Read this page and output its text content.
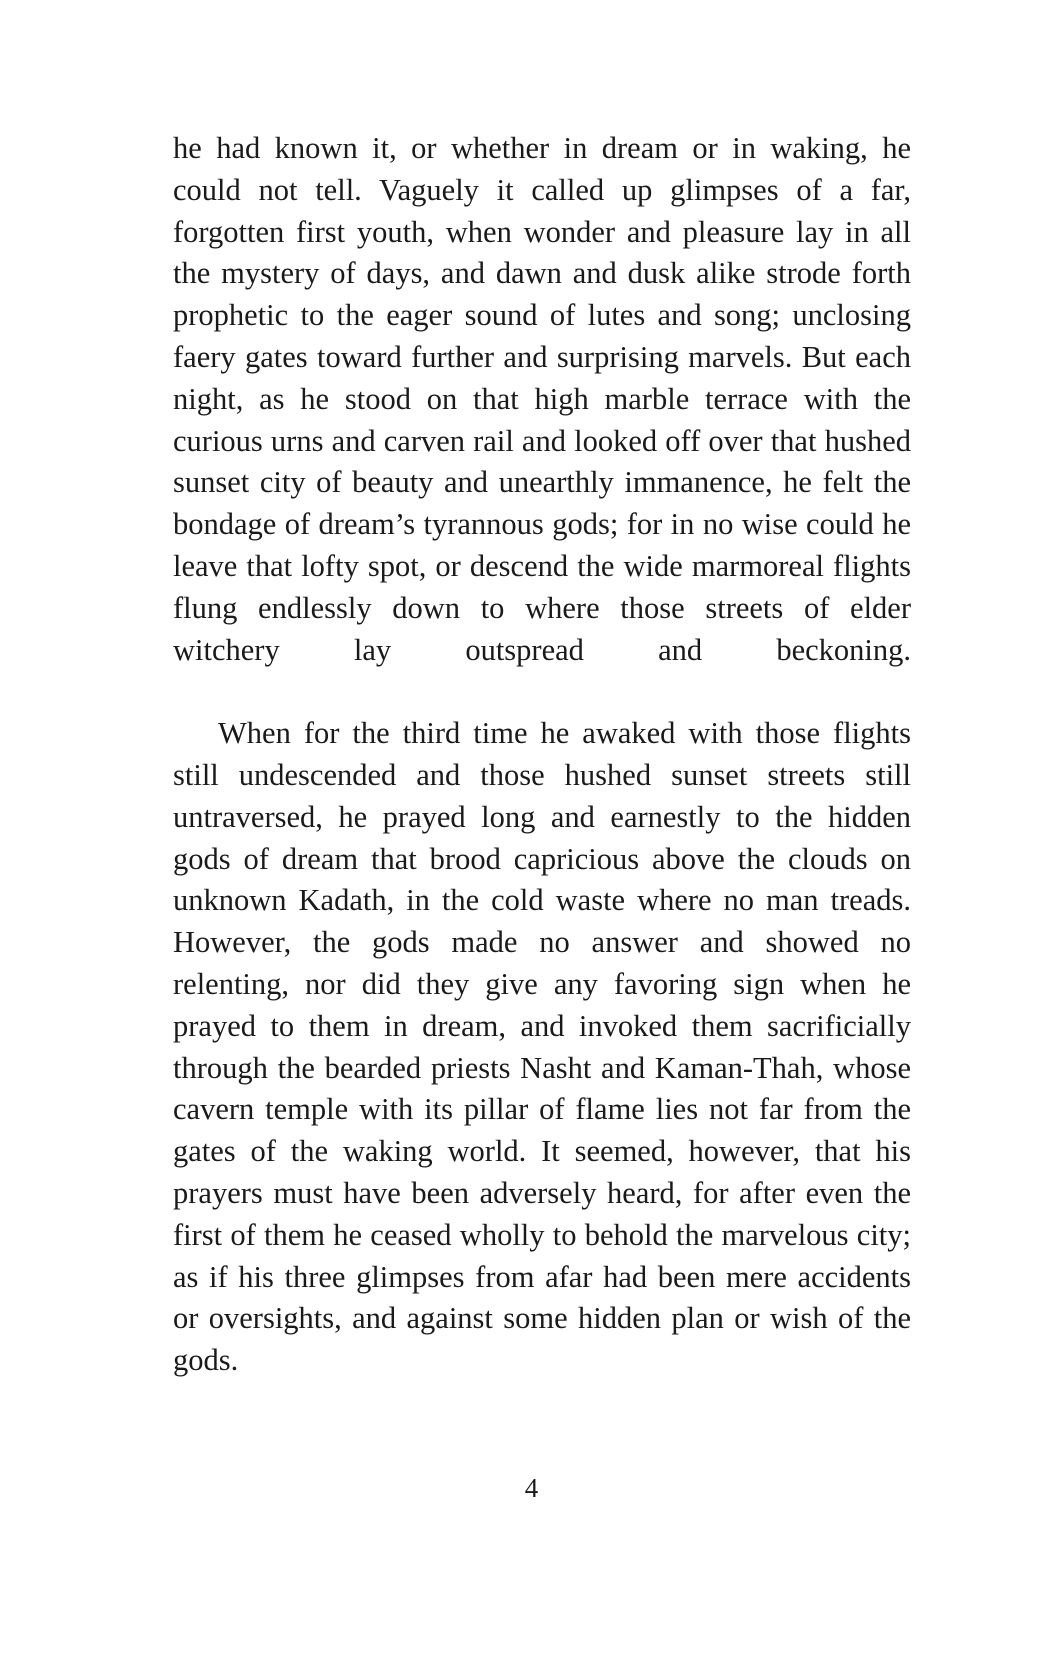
he had known it, or whether in dream or in waking, he could not tell. Vaguely it called up glimpses of a far, forgotten first youth, when wonder and pleasure lay in all the mystery of days, and dawn and dusk alike strode forth prophetic to the eager sound of lutes and song; unclosing faery gates toward further and surprising marvels. But each night, as he stood on that high marble terrace with the curious urns and carven rail and looked off over that hushed sunset city of beauty and unearthly immanence, he felt the bondage of dream’s tyrannous gods; for in no wise could he leave that lofty spot, or descend the wide marmoreal flights flung endlessly down to where those streets of elder witchery lay outspread and beckoning.

When for the third time he awaked with those flights still undescended and those hushed sunset streets still untraversed, he prayed long and earnestly to the hidden gods of dream that brood capricious above the clouds on unknown Kadath, in the cold waste where no man treads. However, the gods made no answer and showed no relenting, nor did they give any favoring sign when he prayed to them in dream, and invoked them sacrificially through the bearded priests Nasht and Kaman-Thah, whose cavern temple with its pillar of flame lies not far from the gates of the waking world. It seemed, however, that his prayers must have been adversely heard, for after even the first of them he ceased wholly to behold the marvelous city; as if his three glimpses from afar had been mere accidents or oversights, and against some hidden plan or wish of the gods.

4
